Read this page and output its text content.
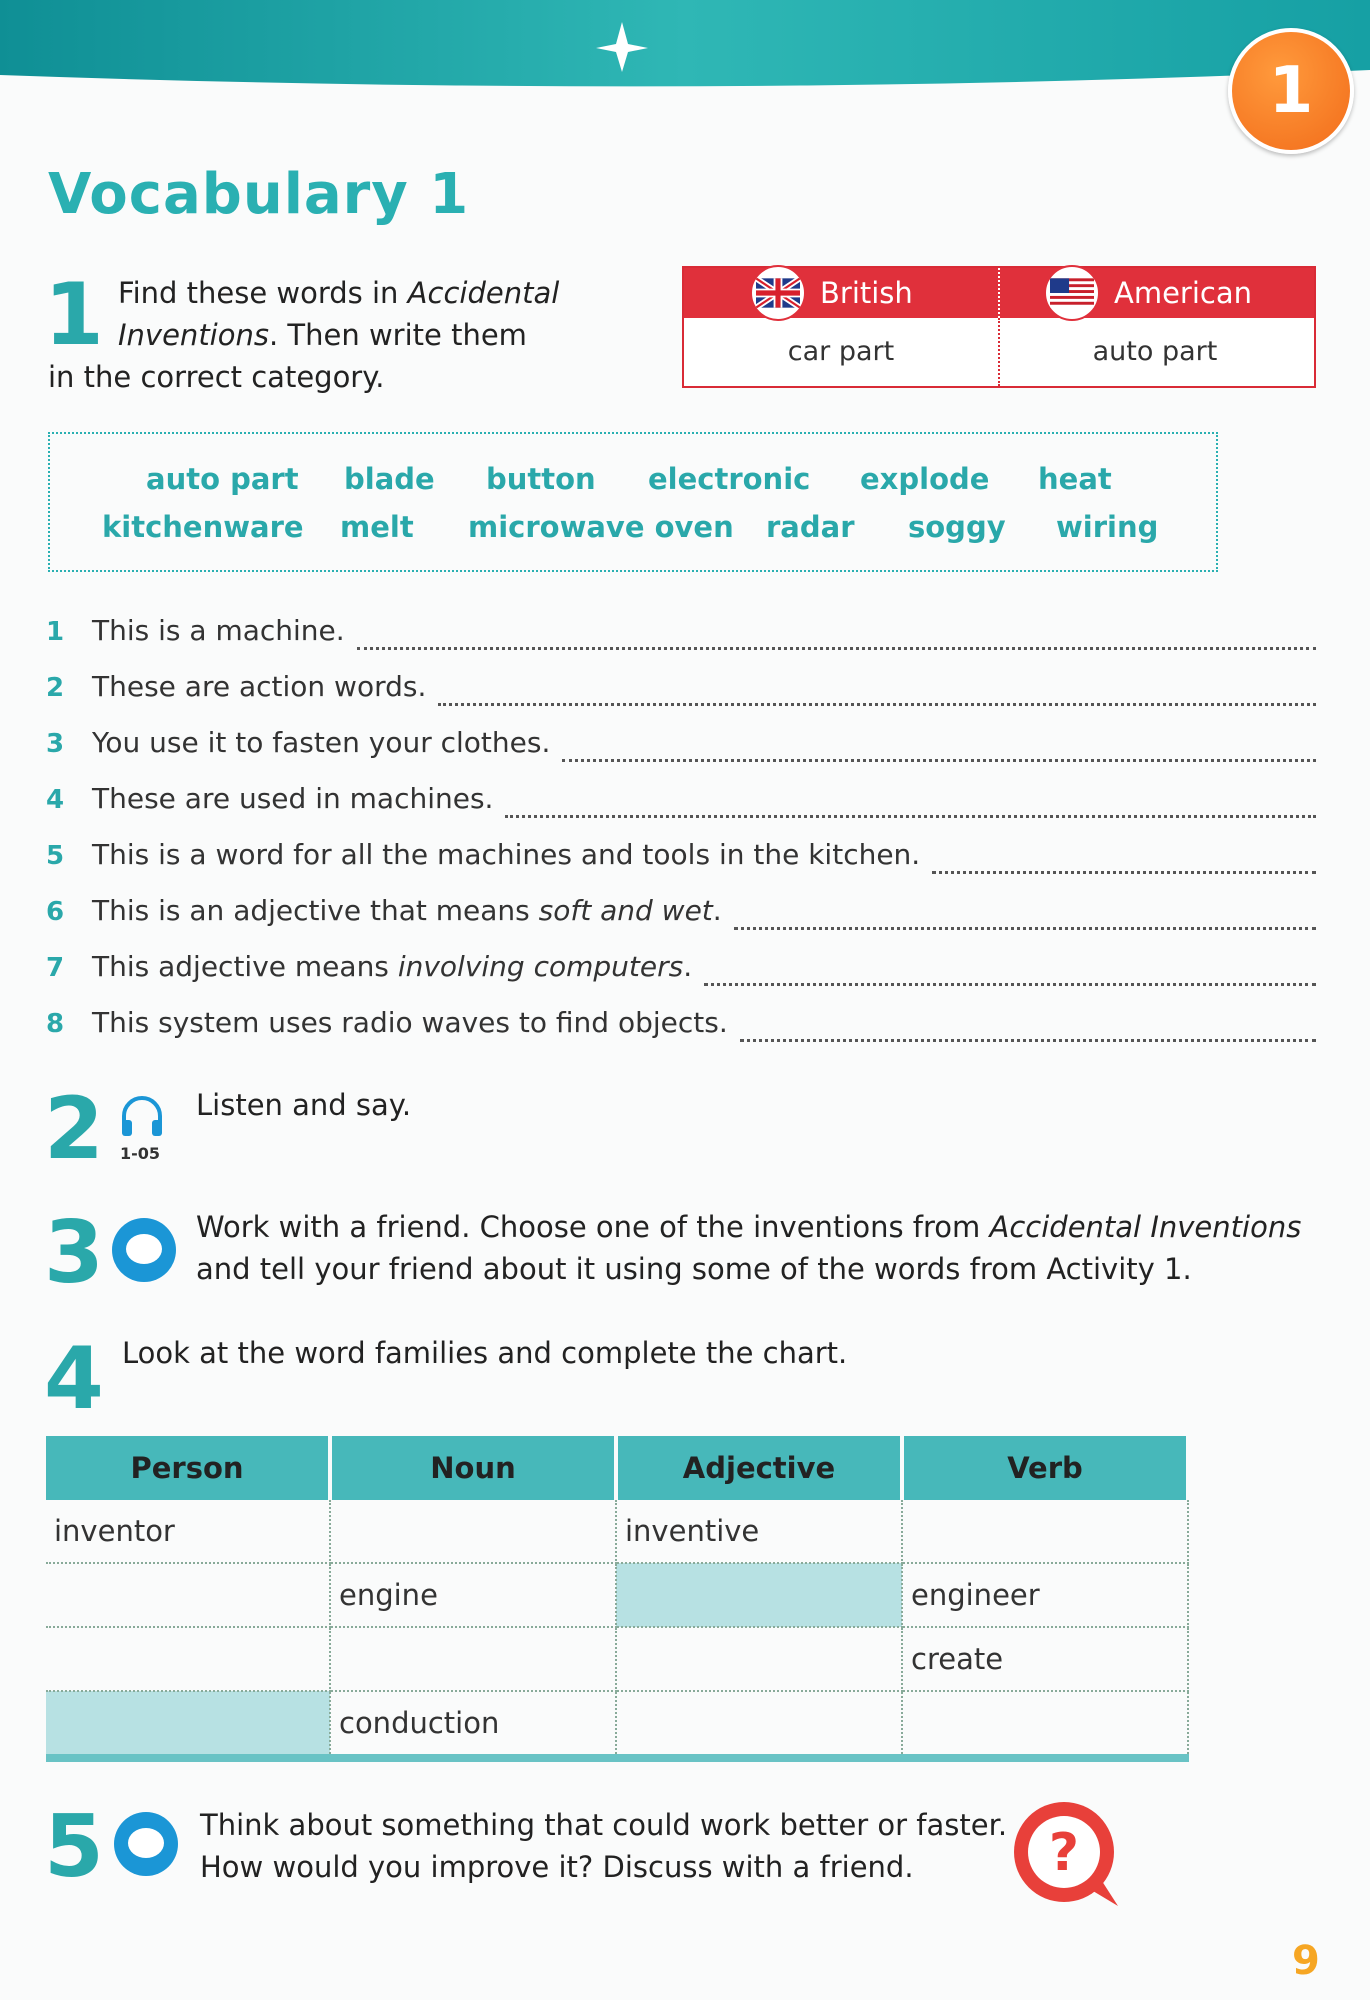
1
Vocabulary 1
1 Find these words in Accidental Inventions. Then write them
in the correct category.
British	American
car part	auto part
auto part blade button electronic explode heat
kitchenware melt microwave oven radar soggy wiring
1 This is a machine.
2 These are action words.
3 You use it to fasten your clothes.
4 These are used in machines.
5 This is a word for all the machines and tools in the kitchen.
6 This is an adjective that means soft and wet.
7 This adjective means involving computers.
8 This system uses radio waves to find objects.
2 1-05
Listen and say.
3	Work with a friend. Choose one of the inventions from Accidental Inventions
and tell your friend about it using some of the words from Activity 1.
4 Look at the word families and complete the chart.
Person	Noun	Adjective	Verb
inventor		inventive	
	engine		engineer
			create
	conduction		
5	Think about something that could work better or faster.
How would you improve it? Discuss with a friend.	?
9
